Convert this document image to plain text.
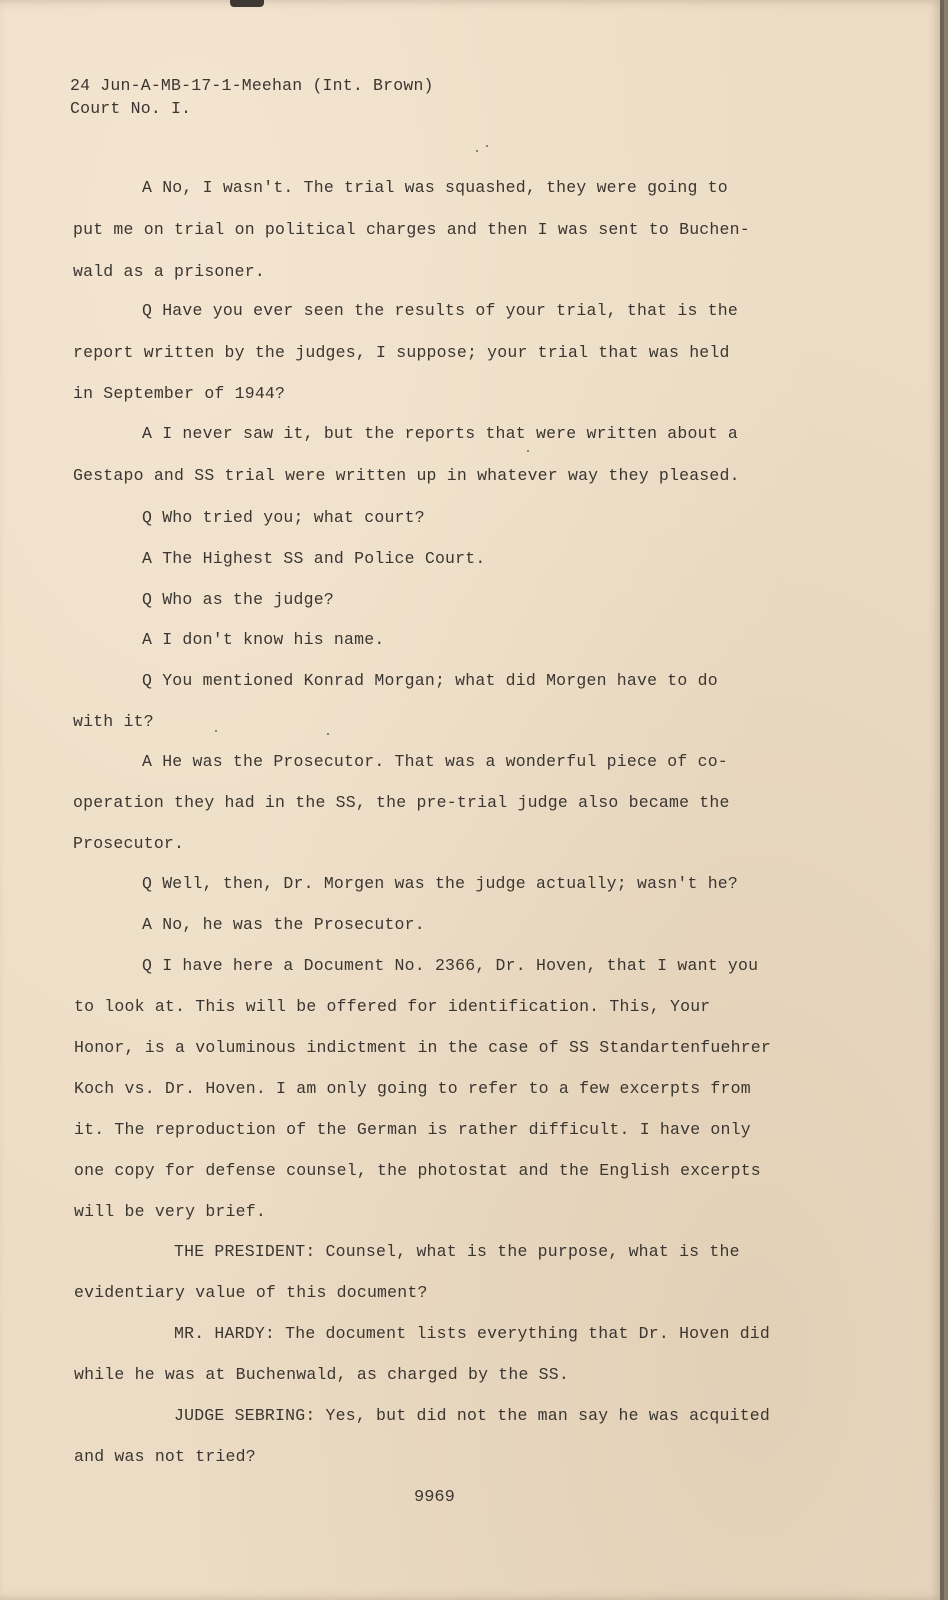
24 Jun-A-MB-17-1-Meehan (Int. Brown)

Court No. I.

A No, I wasn't. The trial was squashed, they were going to

put me on trial on political charges and then I was sent to Buchen-

wald as a prisoner.

Q Have you ever seen the results of your trial, that is the

report written by the judges, I suppose; your trial that was held

in September of 1944?

A I never saw it, but the reports that were written about a

Gestapo and SS trial were written up in whatever way they pleased.

Q Who tried you; what court?

A The Highest SS and Police Court.

Q Who as the judge?

A I don't know his name.

Q You mentioned Konrad Morgan; what did Morgen have to do

with it?

A He was the Prosecutor. That was a wonderful piece of co-

operation they had in the SS, the pre-trial judge also became the

Prosecutor.

Q Well, then, Dr. Morgen was the judge actually; wasn't he?

A No, he was the Prosecutor.

Q I have here a Document No. 2366, Dr. Hoven, that I want you

to look at. This will be offered for identification. This, Your

Honor, is a voluminous indictment in the case of SS Standartenfuehrer

Koch vs. Dr. Hoven. I am only going to refer to a few excerpts from

it. The reproduction of the German is rather difficult. I have only

one copy for defense counsel, the photostat and the English excerpts

will be very brief.

THE PRESIDENT: Counsel, what is the purpose, what is the

evidentiary value of this document?

MR. HARDY: The document lists everything that Dr. Hoven did

while he was at Buchenwald, as charged by the SS.

JUDGE SEBRING: Yes, but did not the man say he was acquited

and was not tried?

9969
